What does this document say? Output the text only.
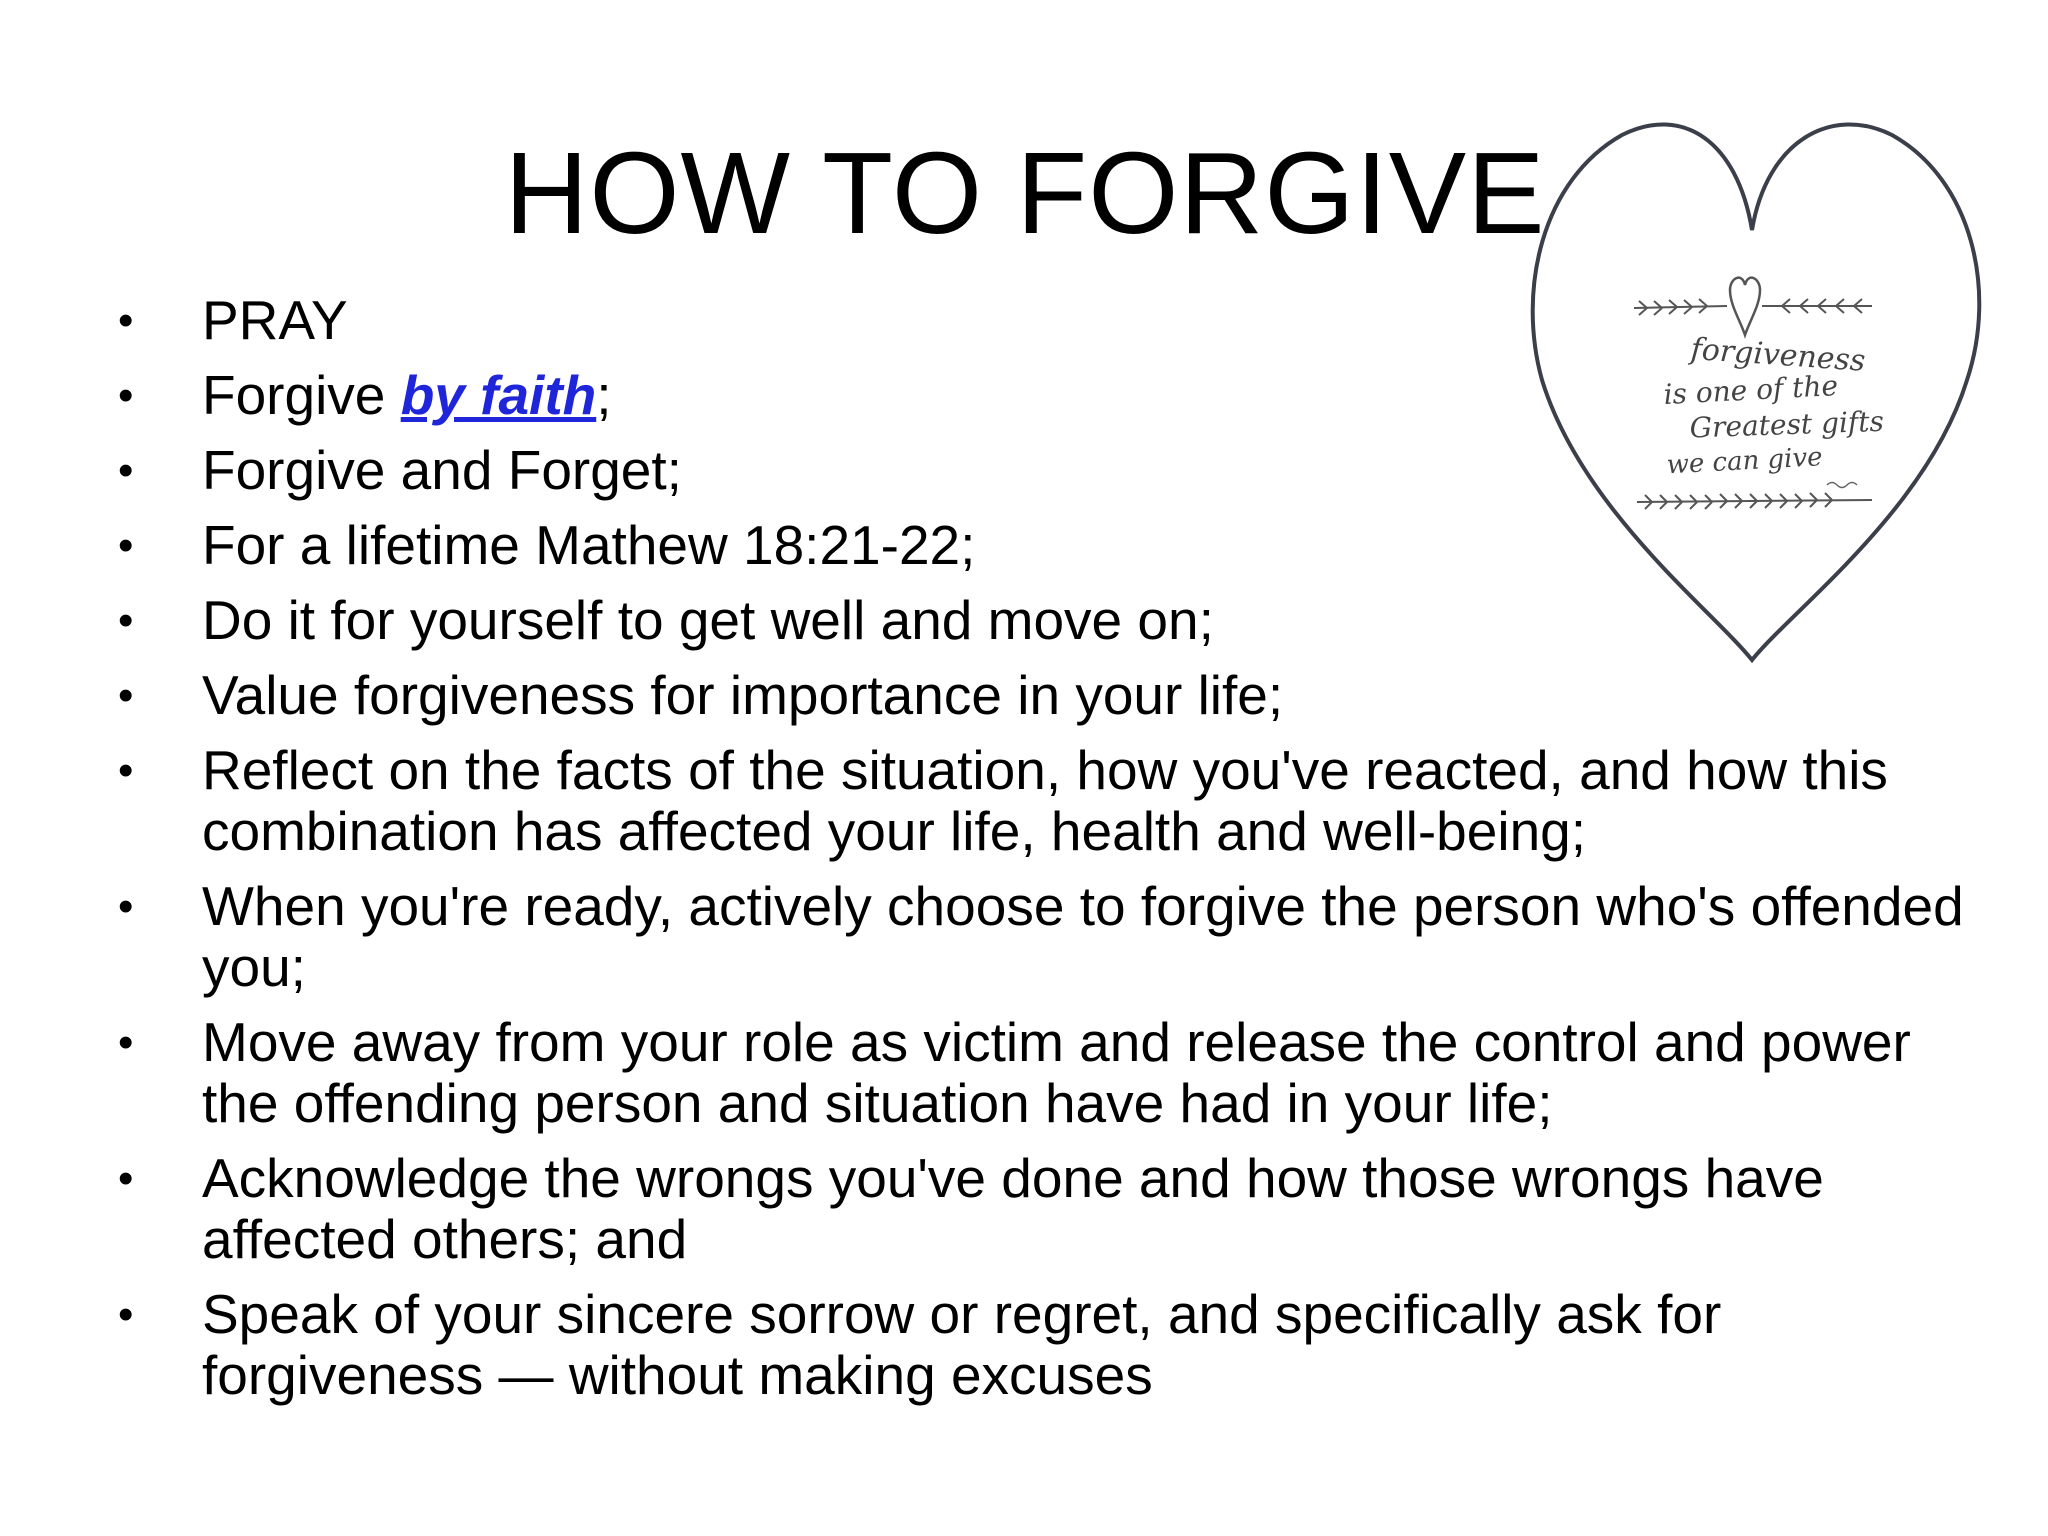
HOW TO FORGIVE
•	PRAY
•	Forgive by faith;
•	Forgive and Forget;
•	For a lifetime Mathew 18:21-22;
•	Do it for yourself to get well and move on;
•	Value forgiveness for importance in your life;
•	Reflect on the facts of the situation, how you've reacted, and how this combination has affected your life, health and well-being;
•	When you're ready, actively choose to forgive the person who's offended you;
•	Move away from your role as victim and release the control and power the offending person and situation have had in your life;
•	Acknowledge the wrongs you've done and how those wrongs have affected others; and
•	Speak of your sincere sorrow or regret, and specifically ask for forgiveness — without making excuses
forgiveness
is one of the
Greatest gifts
we can give
